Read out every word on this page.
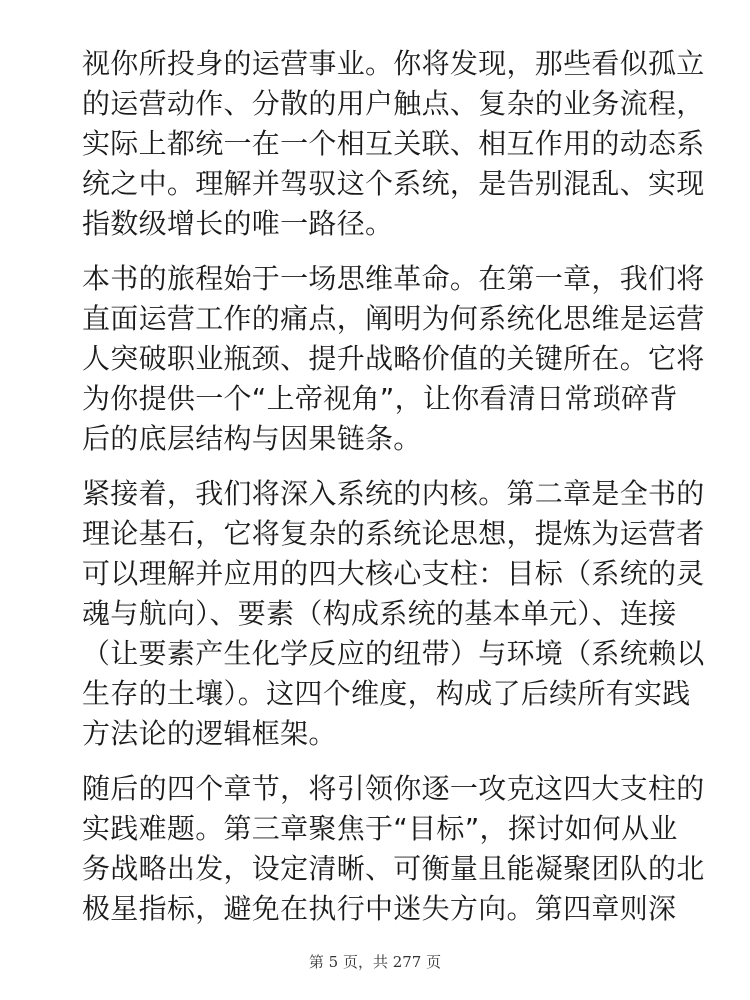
视你所投身的运营事业。你将发现，那些看似孤立
的运营动作、分散的用户触点、复杂的业务流程，
实际上都统一在一个相互关联、相互作用的动态系
统之中。理解并驾驭这个系统，是告别混乱、实现
指数级增长的唯一路径。
本书的旅程始于一场思维革命。在第一章，我们将
直面运营工作的痛点，阐明为何系统化思维是运营
人突破职业瓶颈、提升战略价值的关键所在。它将
为你提供一个“上帝视角”，让你看清日常琐碎背
后的底层结构与因果链条。
紧接着，我们将深入系统的内核。第二章是全书的
理论基石，它将复杂的系统论思想，提炼为运营者
可以理解并应用的四大核心支柱：目标（系统的灵
魂与航向）、要素（构成系统的基本单元）、连接
（让要素产生化学反应的纽带）与环境（系统赖以
生存的土壤）。这四个维度，构成了后续所有实践
方法论的逻辑框架。
随后的四个章节，将引领你逐一攻克这四大支柱的
实践难题。第三章聚焦于“目标”，探讨如何从业
务战略出发，设定清晰、可衡量且能凝聚团队的北
极星指标，避免在执行中迷失方向。第四章则深
第 5 页，共 277 页
